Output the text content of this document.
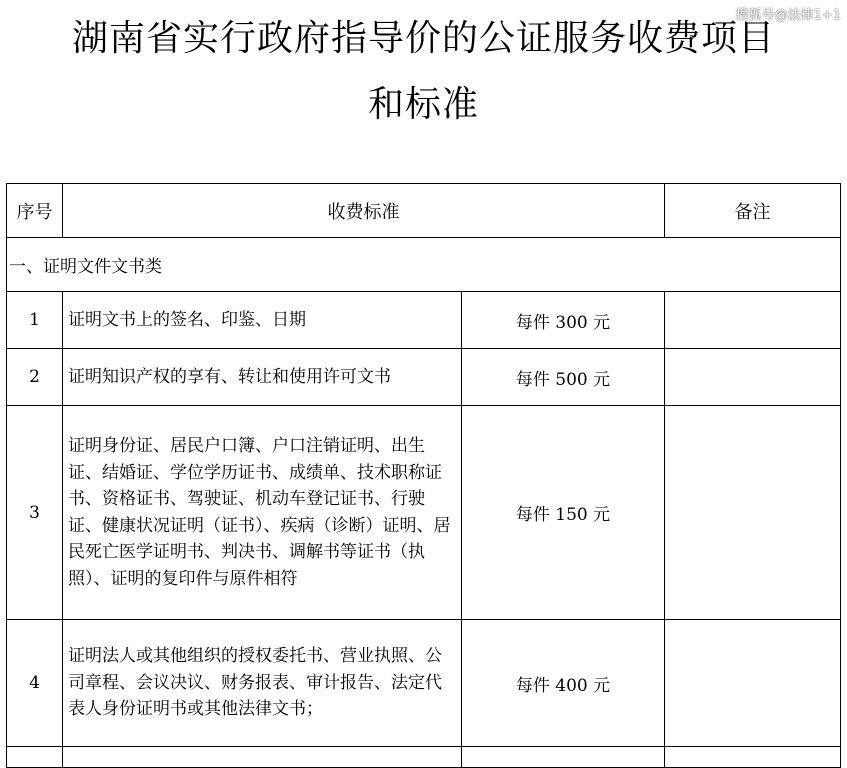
搜狐号@法律1+1
湖南省实行政府指导价的公证服务收费项目
和标准
序号	收费标准		备注
一、证明文件文书类			
1	证明文书上的签名、印鉴、日期	每件 300 元	
2	证明知识产权的享有、转让和使用许可文书	每件 500 元	
3	证明身份证、居民户口簿、户口注销证明、出生证、结婚证、学位学历证书、成绩单、技术职称证书、资格证书、驾驶证、机动车登记证书、行驶证、健康状况证明（证书）、疾病（诊断）证明、居民死亡医学证明书、判决书、调解书等证书（执照）、证明的复印件与原件相符	每件 150 元	
4	证明法人或其他组织的授权委托书、营业执照、公司章程、会议决议、财务报表、审计报告、法定代表人身份证明书或其他法律文书；	每件 400 元	
